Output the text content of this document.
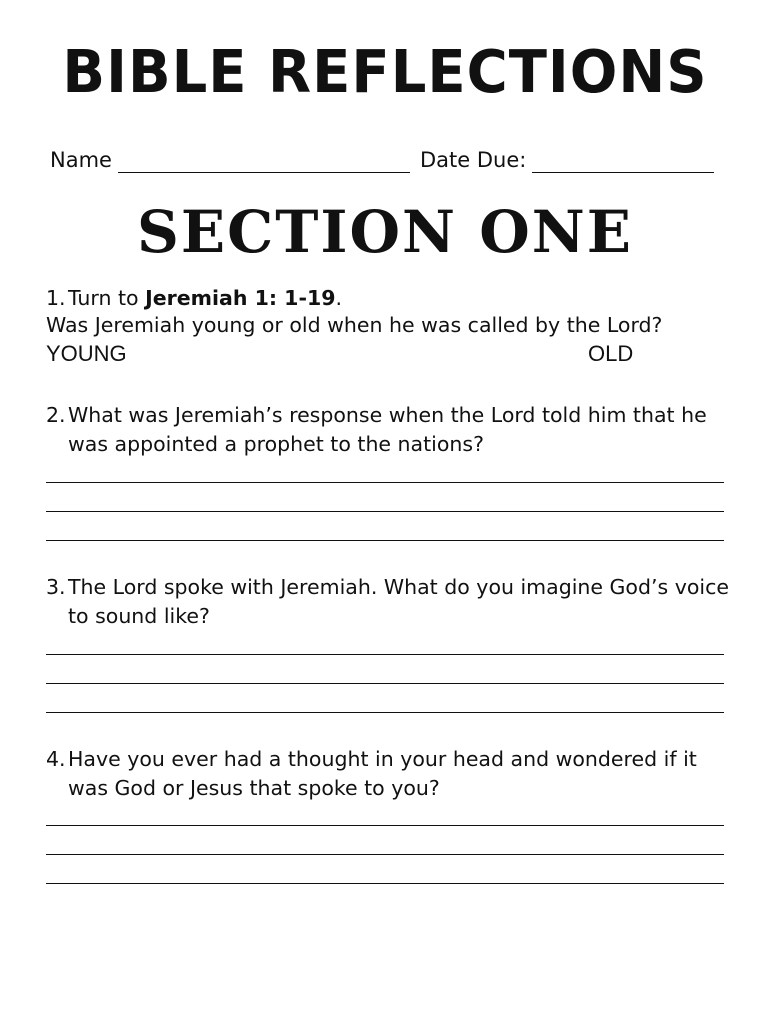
BIBLE REFLECTIONS
Name	Date Due:
SECTION ONE
1. Turn to Jeremiah 1: 1-19.
Was Jeremiah young or old when he was called by the Lord?
YOUNG	OLD
2. What was Jeremiah’s response when the Lord told him that he was appointed a prophet to the nations?
3. The Lord spoke with Jeremiah. What do you imagine God’s voice to sound like?
4. Have you ever had a thought in your head and wondered if it was God or Jesus that spoke to you?
